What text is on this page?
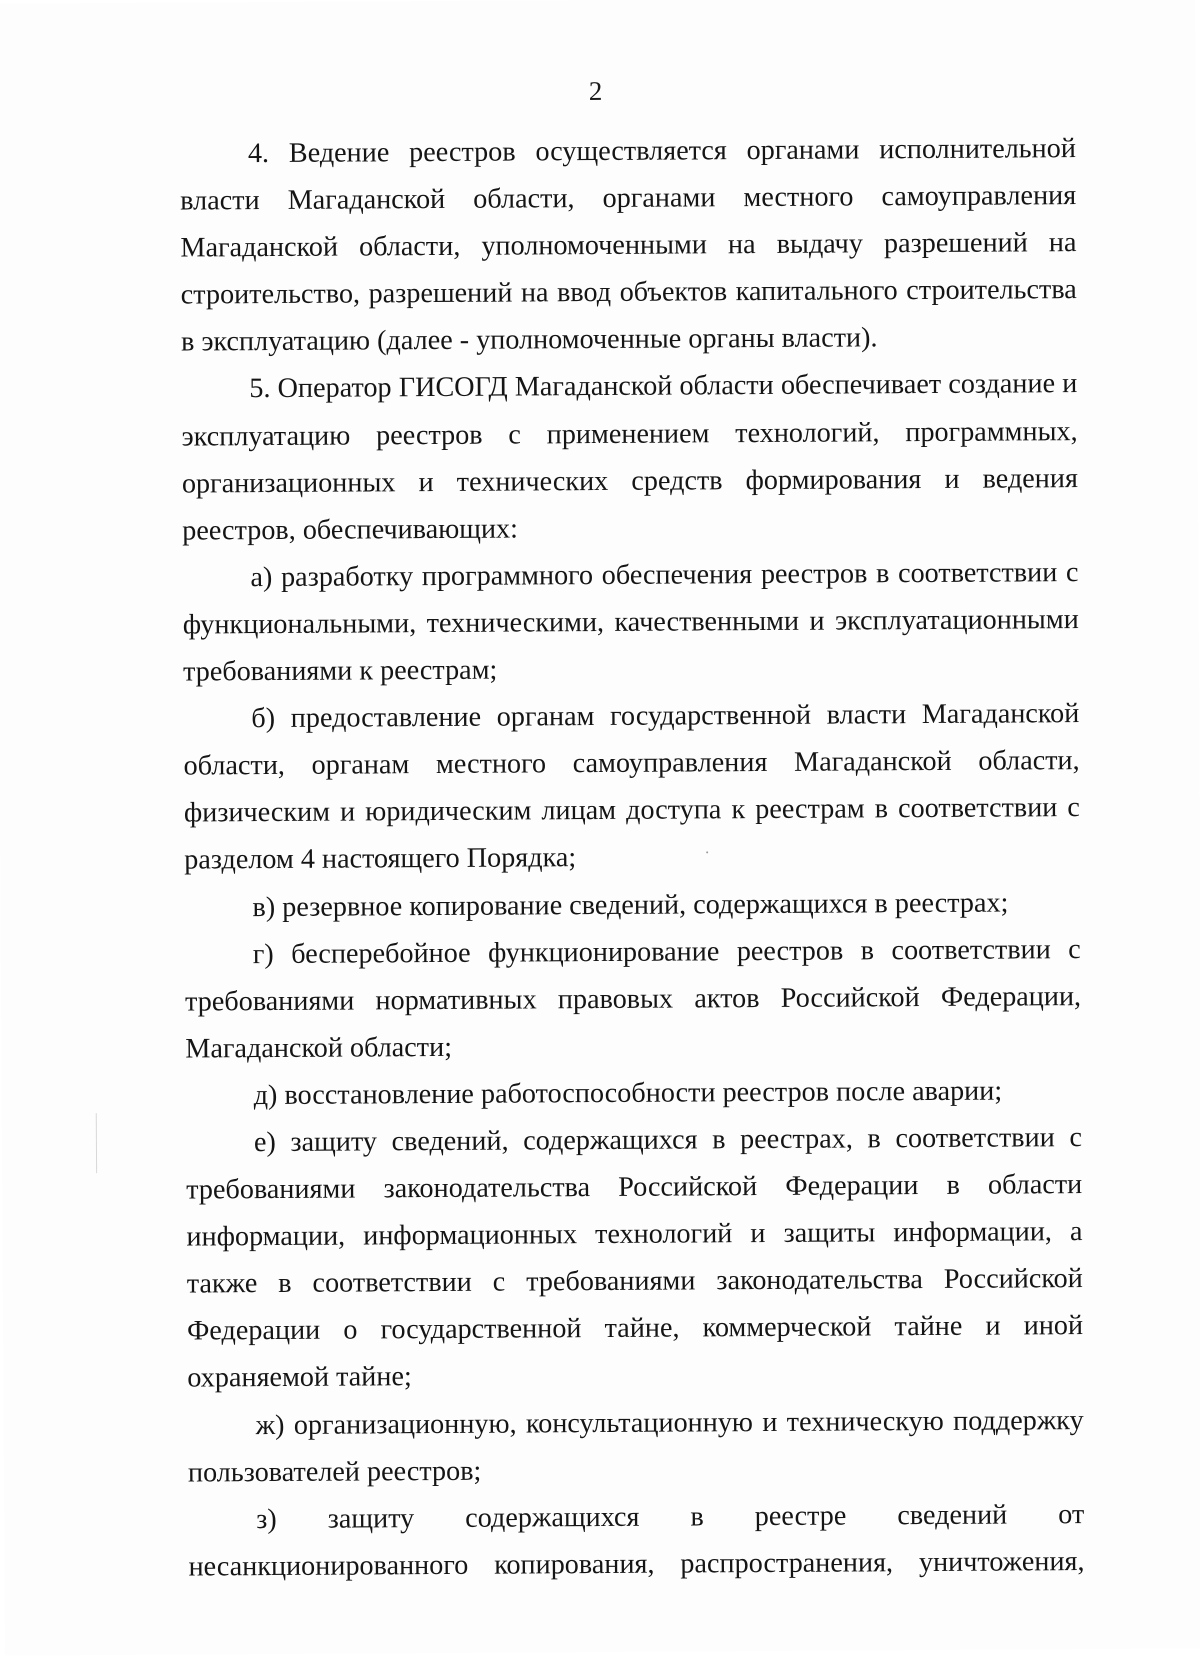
2

4. Ведение реестров осуществляется органами исполнительной власти Магаданской области, органами местного самоуправления Магаданской области, уполномоченными на выдачу разрешений на строительство, разрешений на ввод объектов капитального строительства в эксплуатацию (далее - уполномоченные органы власти).

5. Оператор ГИСОГД Магаданской области обеспечивает создание и эксплуатацию реестров с применением технологий, программных, организационных и технических средств формирования и ведения реестров, обеспечивающих:

а) разработку программного обеспечения реестров в соответствии с функциональными, техническими, качественными и эксплуатационными требованиями к реестрам;

б) предоставление органам государственной власти Магаданской области, органам местного самоуправления Магаданской области, физическим и юридическим лицам доступа к реестрам в соответствии с разделом 4 настоящего Порядка;

в) резервное копирование сведений, содержащихся в реестрах;

г) бесперебойное функционирование реестров в соответствии с требованиями нормативных правовых актов Российской Федерации, Магаданской области;

д) восстановление работоспособности реестров после аварии;

е) защиту сведений, содержащихся в реестрах, в соответствии с требованиями законодательства Российской Федерации в области информации, информационных технологий и защиты информации, а также в соответствии с требованиями законодательства Российской Федерации о государственной тайне, коммерческой тайне и иной охраняемой тайне;

ж) организационную, консультационную и техническую поддержку пользователей реестров;

з) защиту содержащихся в реестре сведений от несанкционированного копирования, распространения, уничтожения,
